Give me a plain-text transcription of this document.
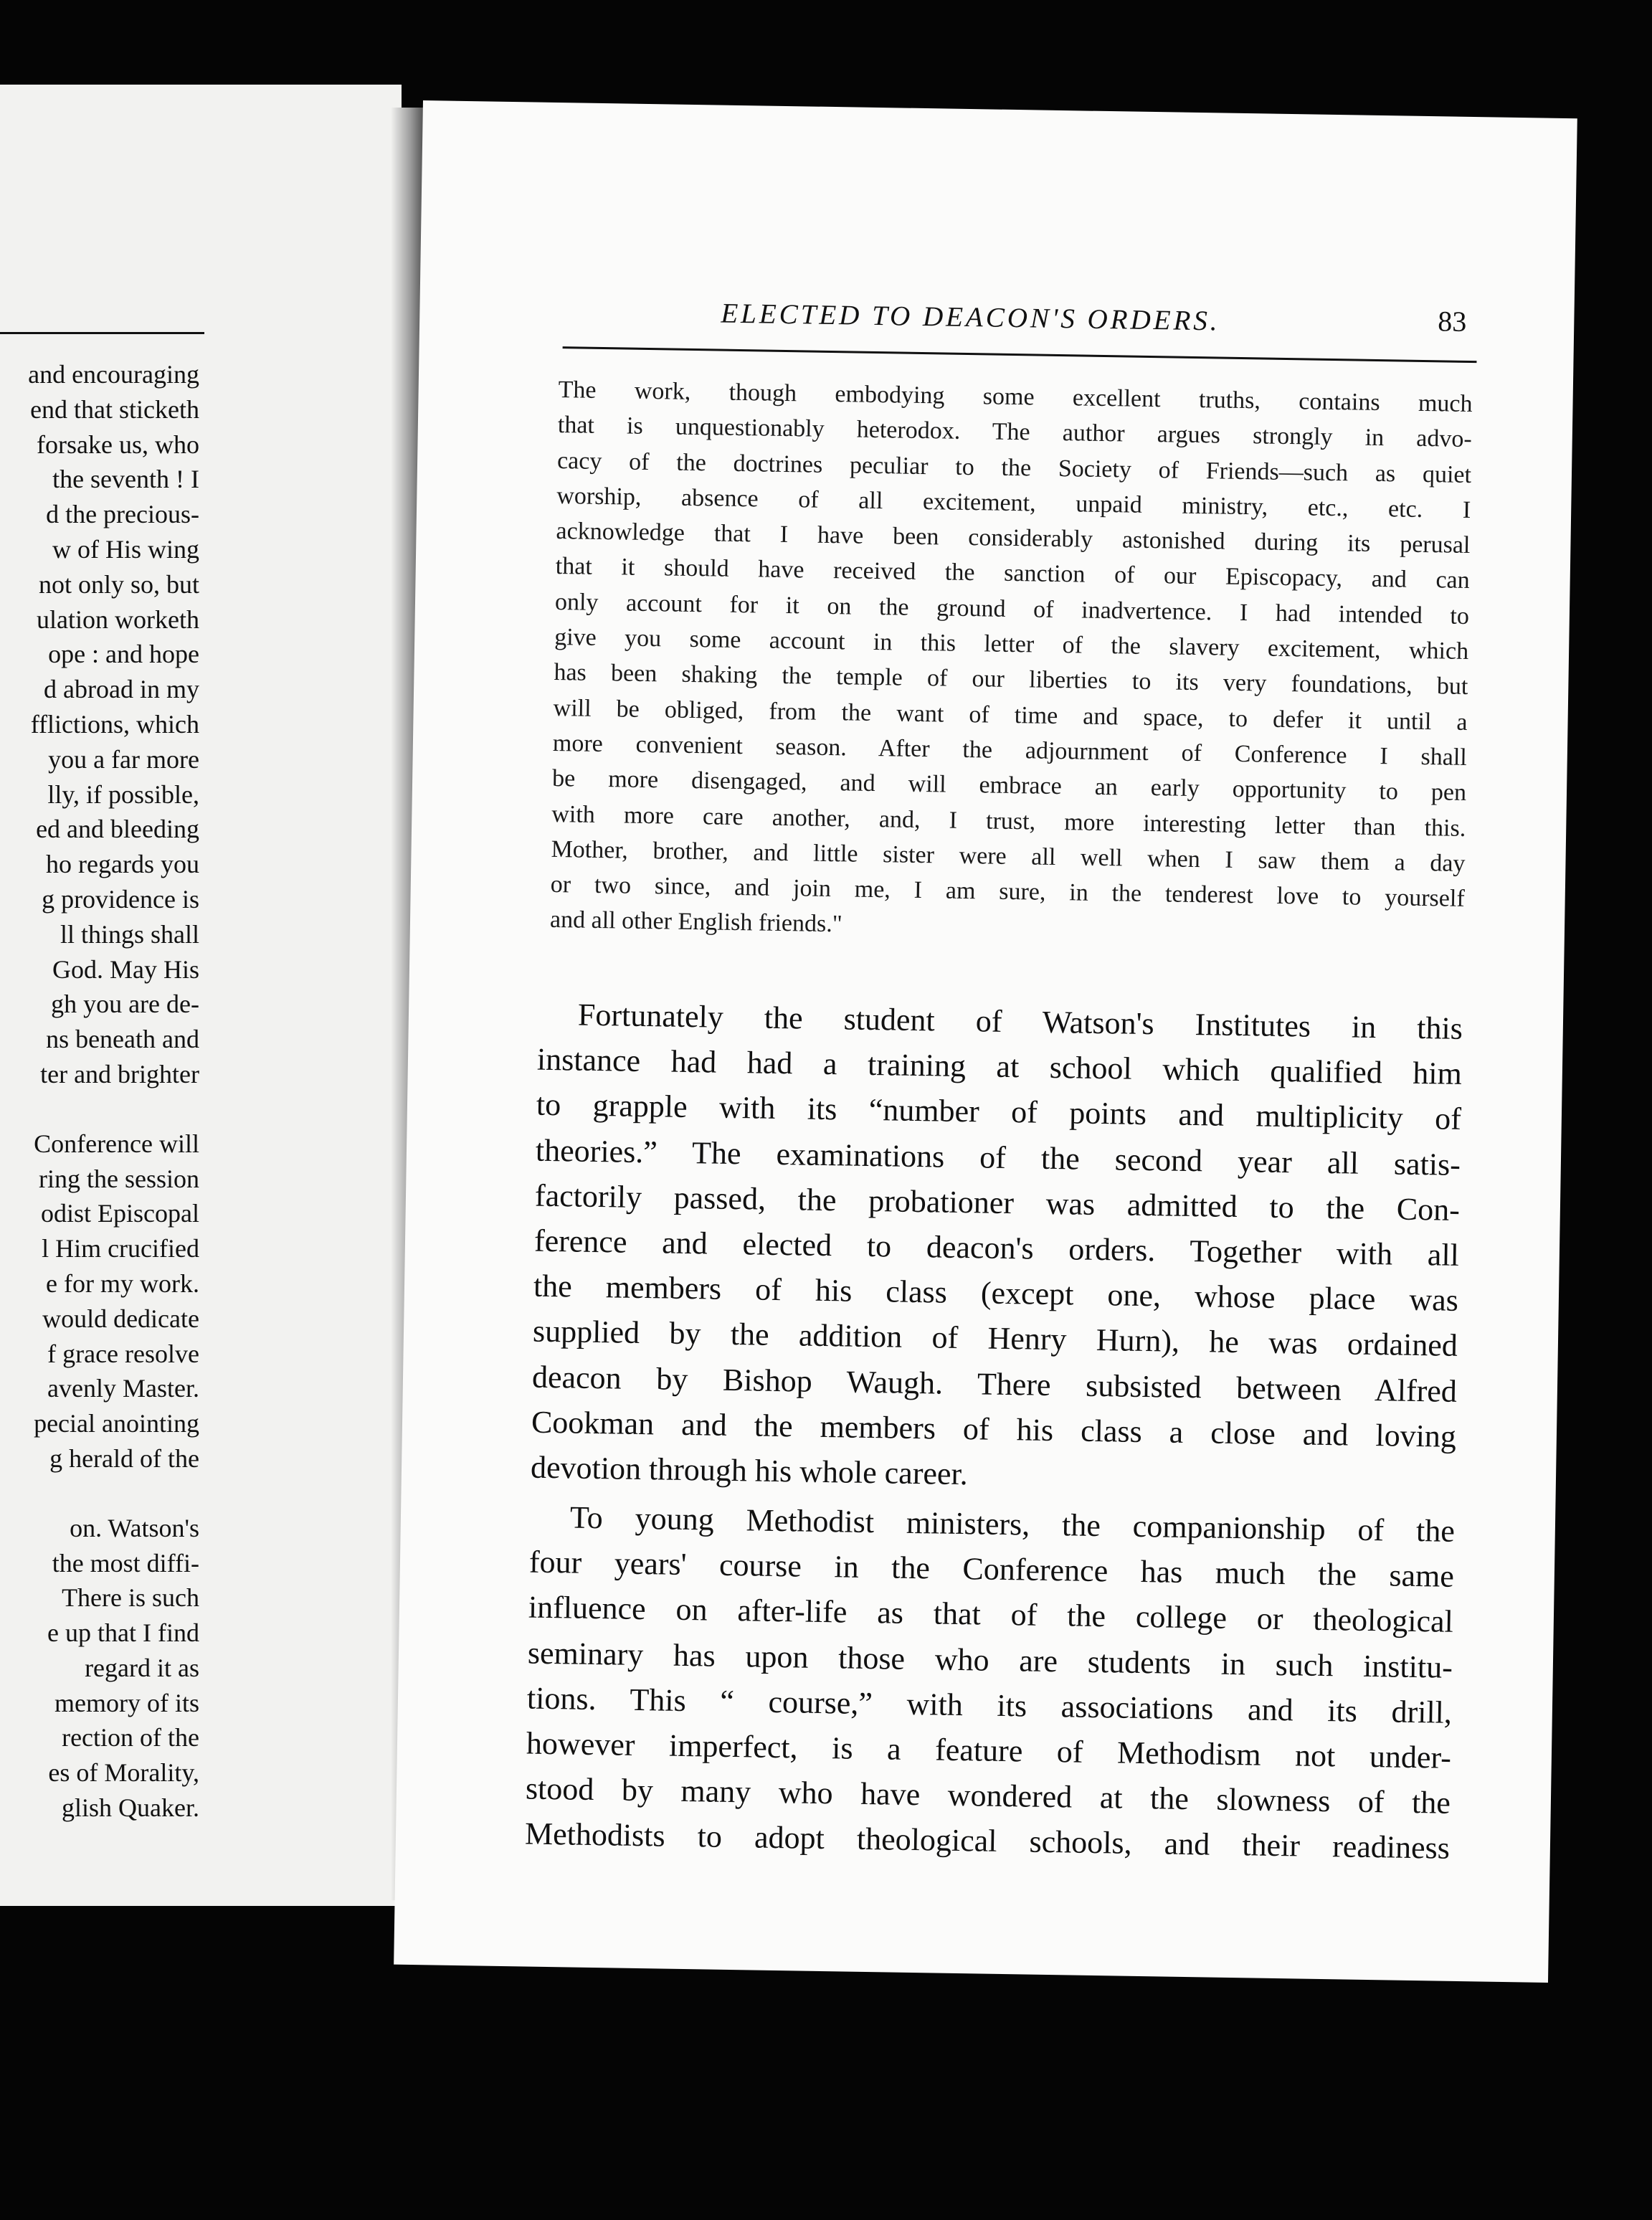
and encouraging
end that sticketh
forsake us, who
the seventh ! I
d the precious-
w of His wing
not only so, but
ulation worketh
ope : and hope
d abroad in my
fflictions, which
you a far more
lly, if possible,
ed and bleeding
ho regards you
g providence is
ll things shall
God. May His
gh you are de-
ns beneath and
ter and brighter
Conference will
ring the session
odist Episcopal
l Him crucified
e for my work.
would dedicate
f grace resolve
avenly Master.
pecial anointing
g herald of the
on. Watson's
the most diffi-
There is such
e up that I find
regard it as
memory of its
rection of the
es of Morality,
glish Quaker.
ELECTED TO DEACON'S ORDERS.	83
The work, though embodying some excellent truths, contains much
that is unquestionably heterodox. The author argues strongly in advo-
cacy of the doctrines peculiar to the Society of Friends—such as quiet
worship, absence of all excitement, unpaid ministry, etc., etc. I
acknowledge that I have been considerably astonished during its perusal
that it should have received the sanction of our Episcopacy, and can
only account for it on the ground of inadvertence. I had intended to
give you some account in this letter of the slavery excitement, which
has been shaking the temple of our liberties to its very foundations, but
will be obliged, from the want of time and space, to defer it until a
more convenient season. After the adjournment of Conference I shall
be more disengaged, and will embrace an early opportunity to pen
with more care another, and, I trust, more interesting letter than this.
Mother, brother, and little sister were all well when I saw them a day
or two since, and join me, I am sure, in the tenderest love to yourself
and all other English friends."
Fortunately the student of Watson's Institutes in this
instance had had a training at school which qualified him
to grapple with its “number of points and multiplicity of
theories.” The examinations of the second year all satis-
factorily passed, the probationer was admitted to the Con-
ference and elected to deacon's orders. Together with all
the members of his class (except one, whose place was
supplied by the addition of Henry Hurn), he was ordained
deacon by Bishop Waugh. There subsisted between Alfred
Cookman and the members of his class a close and loving
devotion through his whole career.
To young Methodist ministers, the companionship of the
four years' course in the Conference has much the same
influence on after-life as that of the college or theological
seminary has upon those who are students in such institu-
tions. This “ course,” with its associations and its drill,
however imperfect, is a feature of Methodism not under-
stood by many who have wondered at the slowness of the
Methodists to adopt theological schools, and their readiness
